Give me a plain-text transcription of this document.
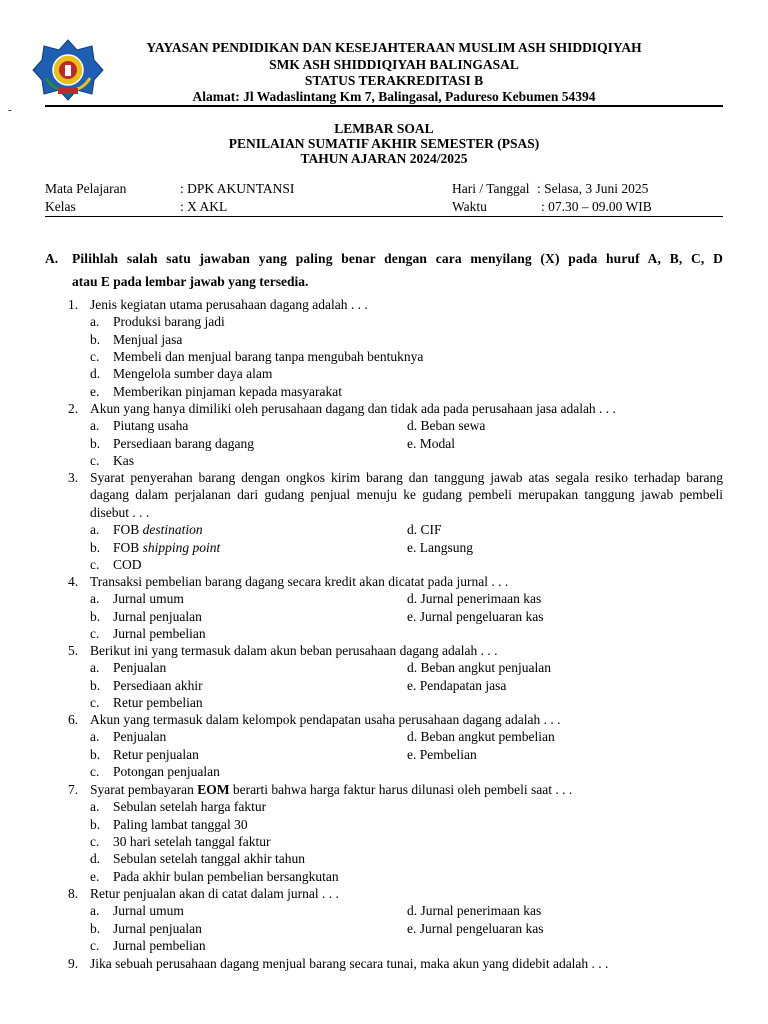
YAYASAN PENDIDIKAN DAN KESEJAHTERAAN MUSLIM ASH SHIDDIQIYAH
SMK ASH SHIDDIQIYAH BALINGASAL
STATUS TERAKREDITASI B
Alamat: Jl Wadaslintang Km 7, Balingasal, Padureso Kebumen 54394
-
LEMBAR SOAL
PENILAIAN SUMATIF AKHIR SEMESTER (PSAS)
TAHUN AJARAN 2024/2025
Mata Pelajaran	: DPK AKUNTANSI
Kelas	: X AKL
Hari / Tanggal : Selasa, 3 Juni 2025
Waktu	: 07.30 – 09.00 WIB
A. Pilihlah salah satu jawaban yang paling benar dengan cara menyilang (X) pada huruf A, B, C, D
atau E pada lembar jawab yang tersedia.
1. Jenis kegiatan utama perusahaan dagang adalah . . .
a. Produksi barang jadi
b. Menjual jasa
c. Membeli dan menjual barang tanpa mengubah bentuknya
d. Mengelola sumber daya alam
e. Memberikan pinjaman kepada masyarakat
2. Akun yang hanya dimiliki oleh perusahaan dagang dan tidak ada pada perusahaan jasa adalah . . .
a. Piutang usaha
b. Persediaan barang dagang
c. Kas
d. Beban sewa
e. Modal
3. Syarat penyerahan barang dengan ongkos kirim barang dan tanggung jawab atas segala resiko terhadap barang dagang dalam perjalanan dari gudang penjual menuju ke gudang pembeli merupakan tanggung jawab pembeli disebut . . .
a. FOB destination
b. FOB shipping point
c. COD
d. CIF
e. Langsung
4. Transaksi pembelian barang dagang secara kredit akan dicatat pada jurnal . . .
a. Jurnal umum
b. Jurnal penjualan
c. Jurnal pembelian
d. Jurnal penerimaan kas
e. Jurnal pengeluaran kas
5. Berikut ini yang termasuk dalam akun beban perusahaan dagang adalah . . .
a. Penjualan
b. Persediaan akhir
c. Retur pembelian
d. Beban angkut penjualan
e. Pendapatan jasa
6. Akun yang termasuk dalam kelompok pendapatan usaha perusahaan dagang adalah . . .
a. Penjualan
b. Retur penjualan
c. Potongan penjualan
d. Beban angkut pembelian
e. Pembelian
7. Syarat pembayaran EOM berarti bahwa harga faktur harus dilunasi oleh pembeli saat . . .
a. Sebulan setelah harga faktur
b. Paling lambat tanggal 30
c. 30 hari setelah tanggal faktur
d. Sebulan setelah tanggal akhir tahun
e. Pada akhir bulan pembelian bersangkutan
8. Retur penjualan akan di catat dalam jurnal . . .
a. Jurnal umum
b. Jurnal penjualan
c. Jurnal pembelian
d. Jurnal penerimaan kas
e. Jurnal pengeluaran kas
9. Jika sebuah perusahaan dagang menjual barang secara tunai, maka akun yang didebit adalah . . .
